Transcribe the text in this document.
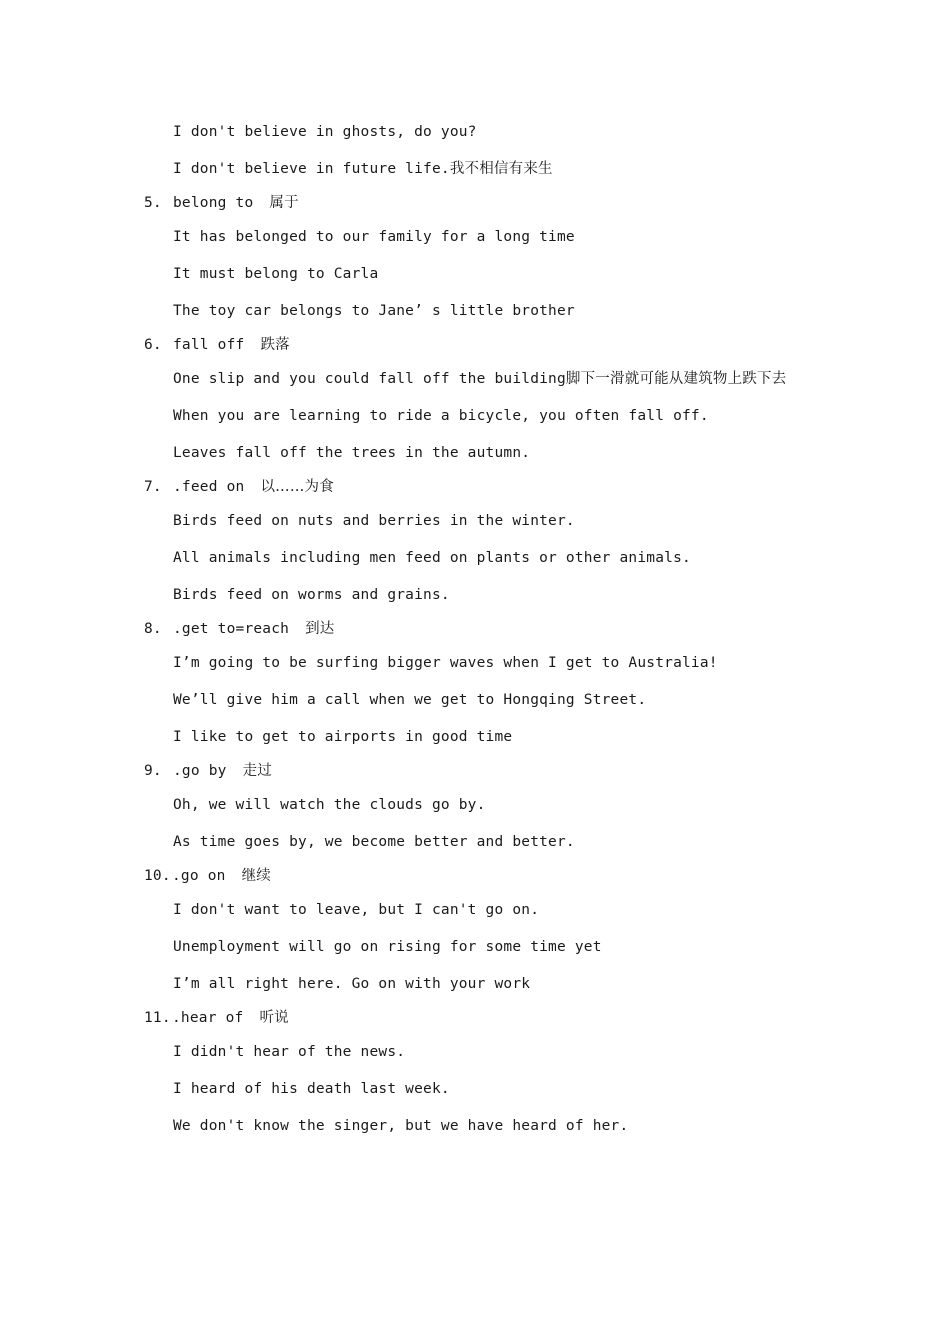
I don't believe in ghosts, do you?
I don't believe in future life.我不相信有来生
5. belong to 属于
It has belonged to our family for a long time
It must belong to Carla
The toy car belongs to Jane’ s little brother
6. fall off 跌落
One slip and you could fall off the building脚下一滑就可能从建筑物上跌下去
When you are learning to ride a bicycle, you often fall off.
Leaves fall off the trees in the autumn.
7. .feed on 以……为食
Birds feed on nuts and berries in the winter.
All animals including men feed on plants or other animals.
Birds feed on worms and grains.
8. .get to=reach 到达
I’m going to be surfing bigger waves when I get to Australia!
We’ll give him a call when we get to Hongqing Street.
I like to get to airports in good time
9. .go by 走过
Oh, we will watch the clouds go by.
As time goes by, we become better and better.
10. .go on 继续
I don't want to leave, but I can't go on.
Unemployment will go on rising for some time yet
I’m all right here. Go on with your work
11. .hear of 听说
I didn't hear of the news.
I heard of his death last week.
We don't know the singer, but we have heard of her.
